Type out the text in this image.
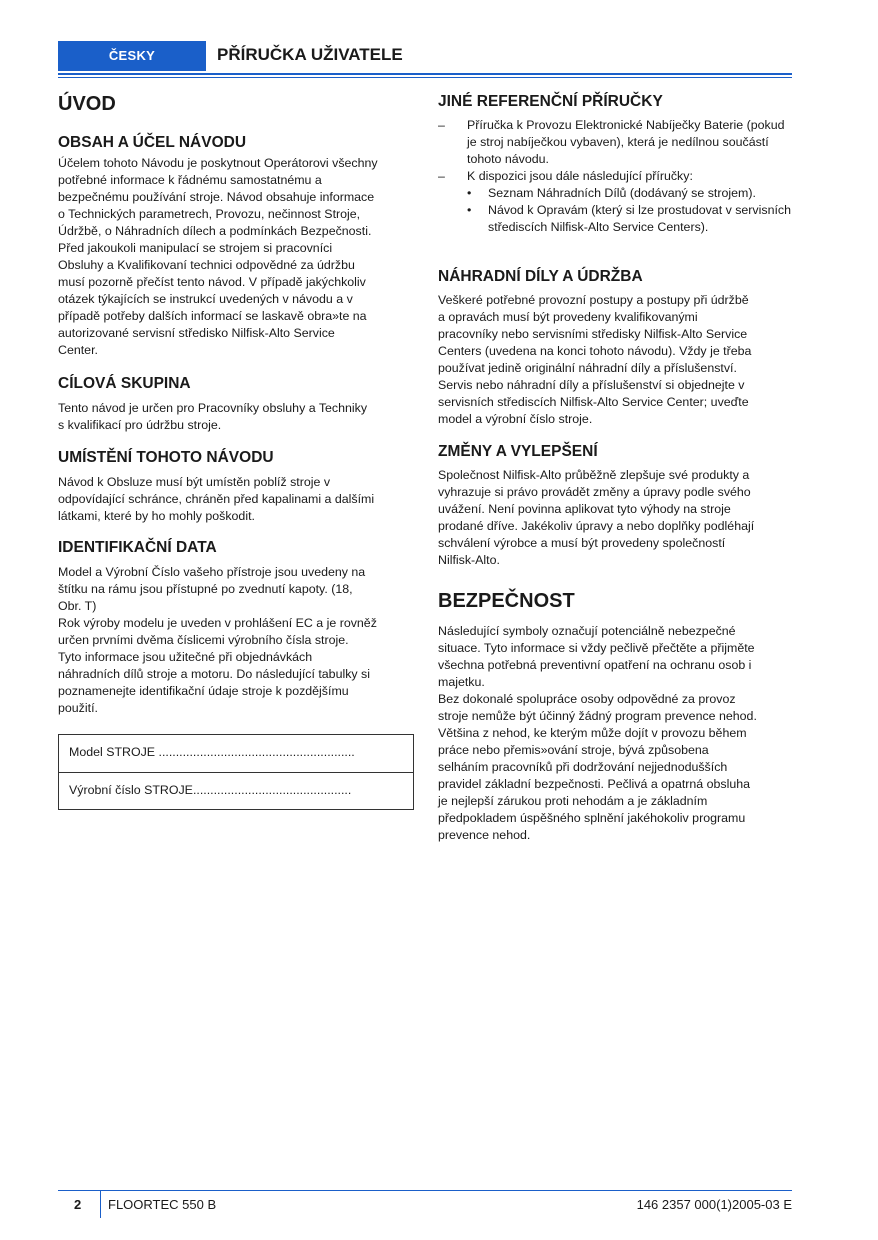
ČESKY	PŘÍRUČKA UŽIVATELE
ÚVOD
OBSAH A ÚČEL NÁVODU

Účelem tohoto Návodu je poskytnout Operátorovi všechny

potřebné informace k řádnému samostatnému a

bezpečnému používání stroje. Návod obsahuje informace

o Technických parametrech, Provozu, nečinnost Stroje,

Údržbě, o Náhradních dílech a podmínkách Bezpečnosti.

Před jakoukoli manipulací se strojem si pracovníci

Obsluhy a Kvalifikovaní technici odpovědné za údržbu

musí pozorně přečíst tento návod. V případě jakýchkoliv

otázek týkajících se instrukcí uvedených v návodu a v

případě potřeby dalších informací se laskavě obra»te na

autorizované servisní středisko Nilfisk-Alto Service

Center.

CÍLOVÁ SKUPINA

Tento návod je určen pro Pracovníky obsluhy a Techniky

s kvalifikací pro údržbu stroje.

UMÍSTĚNÍ TOHOTO NÁVODU

Návod k Obsluze musí být umístěn poblíž stroje v

odpovídající schránce, chráněn před kapalinami a dalšími

látkami, které by ho mohly poškodit.

IDENTIFIKAČNÍ DATA

Model a Výrobní Číslo vašeho přístroje jsou uvedeny na

štítku na rámu jsou přístupné po zvednutí kapoty. (18,

Obr. T)

Rok výroby modelu je uveden v prohlášení EC a je rovněž

určen prvními dvěma číslicemi výrobního čísla stroje.

Tyto informace jsou užitečné při objednávkách

náhradních dílů stroje a motoru. Do následující tabulky si

poznamenejte identifikační údaje stroje k pozdějšímu

použití.

Model STROJE .........................................................
Výrobní číslo STROJE..............................................
JINÉ REFERENČNÍ PŘÍRUČKY
– Příručka k Provozu Elektronické Nabíječky Baterie (pokud je stroj nabíječkou vybaven), která je nedílnou součástí tohoto návodu.
– K dispozici jsou dále následující příručky:
• Seznam Náhradních Dílů (dodávaný se strojem).
• Návod k Opravám (který si lze prostudovat v servisních střediscích Nilfisk-Alto Service Centers).
NÁHRADNÍ DÍLY A ÚDRŽBA

Veškeré potřebné provozní postupy a postupy při údržbě

a opravách musí být provedeny kvalifikovanými

pracovníky nebo servisními středisky Nilfisk-Alto Service

Centers (uvedena na konci tohoto návodu). Vždy je třeba

používat jedině originální náhradní díly a příslušenství.

Servis nebo náhradní díly a příslušenství si objednejte v

servisních střediscích Nilfisk-Alto Service Center; uveďte

model a výrobní číslo stroje.

ZMĚNY A VYLEPŠENÍ

Společnost Nilfisk-Alto průběžně zlepšuje své produkty a

vyhrazuje si právo provádět změny a úpravy podle svého

uvážení. Není povinna aplikovat tyto výhody na stroje

prodané dříve. Jakékoliv úpravy a nebo doplňky podléhají

schválení výrobce a musí být provedeny společností

Nilfisk-Alto.

BEZPEČNOST

Následující symboly označují potenciálně nebezpečné

situace. Tyto informace si vždy pečlivě přečtěte a přijměte

všechna potřebná preventivní opatření na ochranu osob i

majetku.

Bez dokonalé spolupráce osoby odpovědné za provoz

stroje nemůže být účinný žádný program prevence nehod.

Většina z nehod, ke kterým může dojít v provozu během

práce nebo přemis»ování stroje, bývá způsobena

selháním pracovníků při dodržování nejjednodušších

pravidel základní bezpečnosti. Pečlivá a opatrná obsluha

je nejlepší zárukou proti nehodám a je základním

předpokladem úspěšného splnění jakéhokoliv programu

prevence nehod.

2 FLOORTEC 550 B	146 2357 000(1)2005-03 E
